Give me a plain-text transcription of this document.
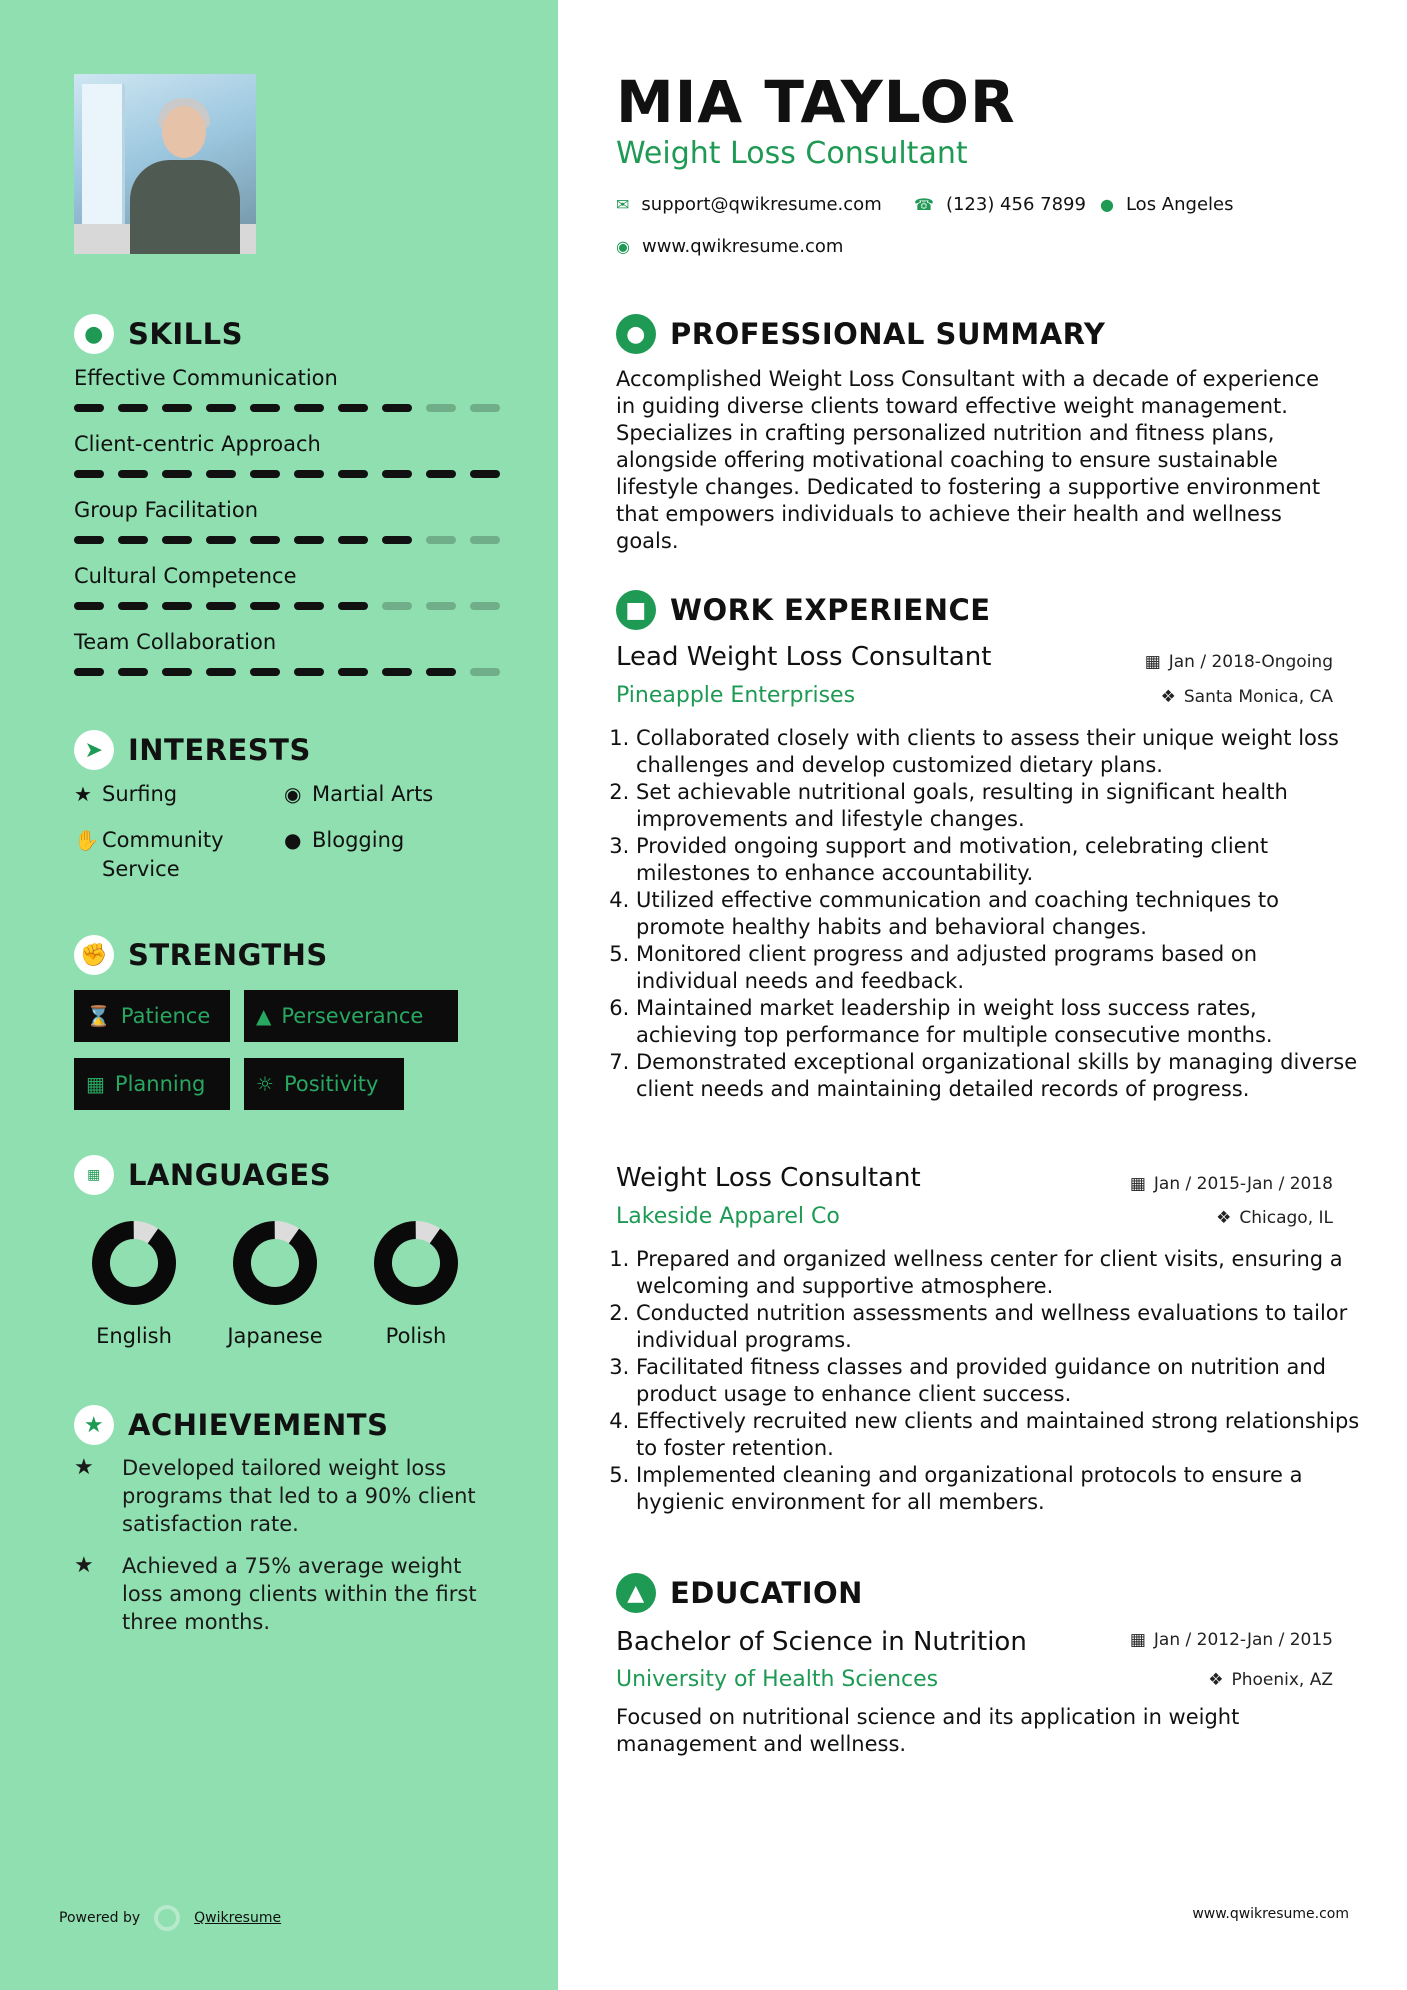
● SKILLS
Effective Communication
Client-centric Approach
Group Facilitation
Cultural Competence
Team Collaboration
➤ INTERESTS
★ Surfing	◉ Martial Arts
✋ Community Service
● Blogging
✊ STRENGTHS
⌛ Patience ▲ Perseverance
▦ Planning	☼ Positivity
▦ LANGUAGES
English	Japanese	Polish
★ ACHIEVEMENTS
★	Developed tailored weight loss programs that led to a 90% client satisfaction rate.
★	Achieved a 75% average weight loss among clients within the first three months.
Powered by	Qwikresume	www.qwikresume.com
MIA TAYLOR
Weight Loss Consultant
✉ support@qwikresume.com ☎ (123) 456 7899 ● Los Angeles
◉ www.qwikresume.com
● PROFESSIONAL SUMMARY
Accomplished Weight Loss Consultant with a decade of experience in guiding diverse clients toward effective weight management. Specializes in crafting personalized nutrition and fitness plans, alongside offering motivational coaching to ensure sustainable lifestyle changes. Dedicated to fostering a supportive environment that empowers individuals to achieve their health and wellness goals.
■ WORK EXPERIENCE
Lead Weight Loss Consultant	▦ Jan / 2018-Ongoing
Pineapple Enterprises	❖ Santa Monica, CA
1. Collaborated closely with clients to assess their unique weight loss challenges and develop customized dietary plans.
2. Set achievable nutritional goals, resulting in significant health improvements and lifestyle changes.
3. Provided ongoing support and motivation, celebrating client milestones to enhance accountability.
4. Utilized effective communication and coaching techniques to promote healthy habits and behavioral changes.
5. Monitored client progress and adjusted programs based on individual needs and feedback.
6. Maintained market leadership in weight loss success rates, achieving top performance for multiple consecutive months.
7. Demonstrated exceptional organizational skills by managing diverse client needs and maintaining detailed records of progress.
Weight Loss Consultant	▦ Jan / 2015-Jan / 2018
Lakeside Apparel Co	❖ Chicago, IL
1. Prepared and organized wellness center for client visits, ensuring a welcoming and supportive atmosphere.
2. Conducted nutrition assessments and wellness evaluations to tailor individual programs.
3. Facilitated fitness classes and provided guidance on nutrition and product usage to enhance client success.
4. Effectively recruited new clients and maintained strong relationships to foster retention.
5. Implemented cleaning and organizational protocols to ensure a hygienic environment for all members.
▲ EDUCATION
Bachelor of Science in Nutrition	▦ Jan / 2012-Jan / 2015
University of Health Sciences	❖ Phoenix, AZ
Focused on nutritional science and its application in weight management and wellness.
